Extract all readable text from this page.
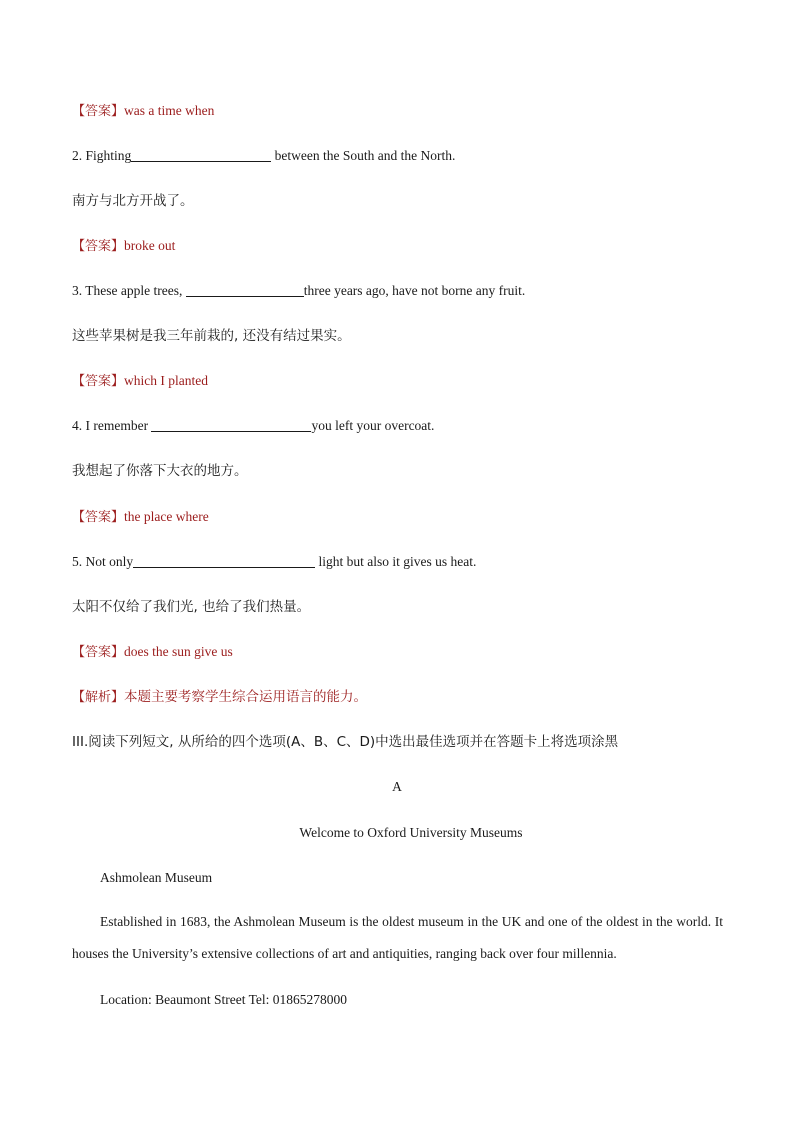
【答案】was a time when
2. Fighting	between the South and the North.
南方与北方开战了。
【答案】broke out
3. These apple trees,	three years ago, have not borne any fruit.
这些苹果树是我三年前栽的, 还没有结过果实。
【答案】which I planted
4. I remember	you left your overcoat.
我想起了你落下大衣的地方。
【答案】the place where
5. Not only	light but also it gives us heat.
太阳不仅给了我们光, 也给了我们热量。
【答案】does the sun give us
【解析】本题主要考察学生综合运用语言的能力。
III.阅读下列短文, 从所给的四个选项(A、B、C、D)中选出最佳选项并在答题卡上将选项涂黑
A
Welcome to Oxford University Museums
Ashmolean Museum
Established in 1683, the Ashmolean Museum is the oldest museum in the UK and one of the oldest in the world. It houses the University’s extensive collections of art and antiquities, ranging back over four millennia.
Location: Beaumont Street Tel: 01865278000
